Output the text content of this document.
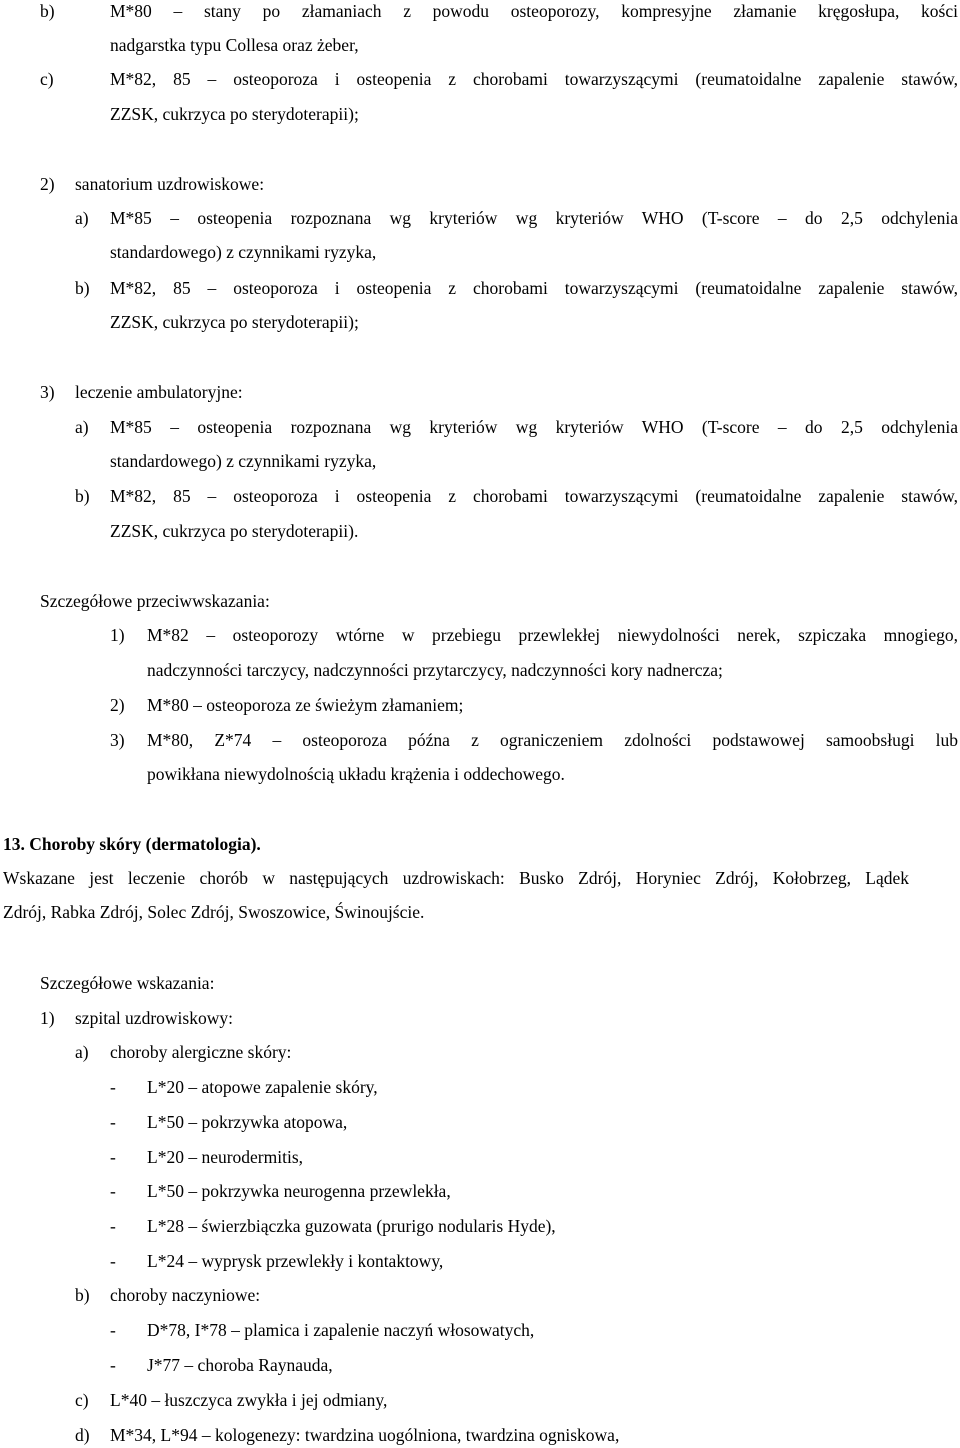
b)	M*80 – stany po złamaniach z powodu osteoporozy, kompresyjne złamanie kręgosłupa, kości
nadgarstka typu Collesa oraz żeber,
c)	M*82, 85 – osteoporoza i osteopenia z chorobami towarzyszącymi (reumatoidalne zapalenie stawów,
ZZSK, cukrzyca po sterydoterapii);
2) sanatorium uzdrowiskowe:
a) M*85 – osteopenia rozpoznana wg kryteriów wg kryteriów WHO (T-score – do 2,5 odchylenia
standardowego) z czynnikami ryzyka,
b) M*82, 85 – osteoporoza i osteopenia z chorobami towarzyszącymi (reumatoidalne zapalenie stawów,
ZZSK, cukrzyca po sterydoterapii);
3) leczenie ambulatoryjne:
a) M*85 – osteopenia rozpoznana wg kryteriów wg kryteriów WHO (T-score – do 2,5 odchylenia
standardowego) z czynnikami ryzyka,
b) M*82, 85 – osteoporoza i osteopenia z chorobami towarzyszącymi (reumatoidalne zapalenie stawów,
ZZSK, cukrzyca po sterydoterapii).
Szczegółowe przeciwwskazania:
1) M*82 – osteoporozy wtórne w przebiegu przewlekłej niewydolności nerek, szpiczaka mnogiego,
nadczynności tarczycy, nadczynności przytarczycy, nadczynności kory nadnercza;
2) M*80 – osteoporoza ze świeżym złamaniem;
3) M*80, Z*74 – osteoporoza późna z ograniczeniem zdolności podstawowej samoobsługi lub
powikłana niewydolnością układu krążenia i oddechowego.
13. Choroby skóry (dermatologia).
Wskazane jest leczenie chorób w następujących uzdrowiskach: Busko Zdrój, Horyniec Zdrój, Kołobrzeg, Lądek
Zdrój, Rabka Zdrój, Solec Zdrój, Swoszowice, Świnoujście.
Szczegółowe wskazania:
1) szpital uzdrowiskowy:
a) choroby alergiczne skóry:
- L*20 – atopowe zapalenie skóry,
- L*50 – pokrzywka atopowa,
- L*20 – neurodermitis,
- L*50 – pokrzywka neurogenna przewlekła,
- L*28 – świerzbiączka guzowata (prurigo nodularis Hyde),
- L*24 – wyprysk przewlekły i kontaktowy,
b) choroby naczyniowe:
- D*78, I*78 – plamica i zapalenie naczyń włosowatych,
- J*77 – choroba Raynauda,
c) L*40 – łuszczyca zwykła i jej odmiany,
d) M*34, L*94 – kologenezy: twardzina uogólniona, twardzina ogniskowa,
